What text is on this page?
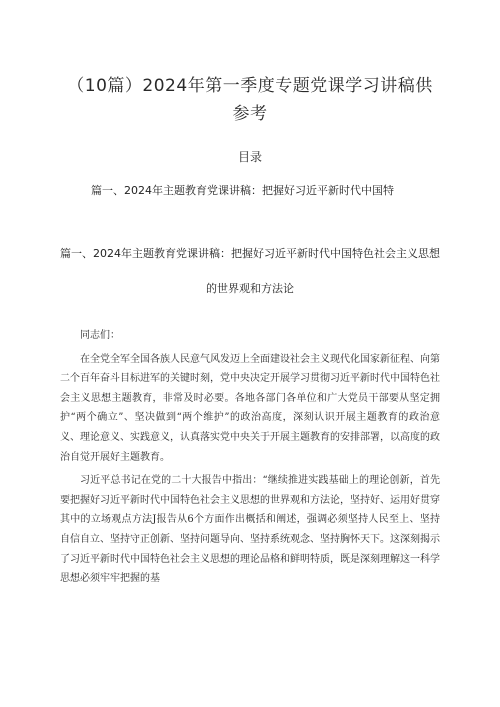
（10篇）2024年第一季度专题党课学习讲稿供参考
目录
篇一、2024年主题教育党课讲稿：把握好习近平新时代中国特
篇一、2024年主题教育党课讲稿：把握好习近平新时代中国特色社会主义思想的世界观和方法论

同志们：

在全党全军全国各族人民意气风发迈上全面建设社会主义现代化国家新征程、向第二个百年奋斗目标进军的关键时刻，党中央决定开展学习贯彻习近平新时代中国特色社会主义思想主题教育，非常及时必要。各地各部门各单位和广大党员干部要从坚定拥护“两个确立”、坚决做到“两个维护”的政治高度，深刻认识开展主题教育的政治意义、理论意义、实践意义，认真落实党中央关于开展主题教育的安排部署，以高度的政治自觉开展好主题教育。

习近平总书记在党的二十大报告中指出：“继续推进实践基础上的理论创新，首先要把握好习近平新时代中国特色社会主义思想的世界观和方法论，坚持好、运用好贯穿其中的立场观点方法J报告从6个方面作出概括和阐述，强调必须坚持人民至上、坚持自信自立、坚持守正创新、坚持问题导向、坚持系统观念、坚持胸怀天下。这深刻揭示了习近平新时代中国特色社会主义思想的理论品格和鲜明特质，既是深刻理解这一科学思想必须牢牢把握的基
